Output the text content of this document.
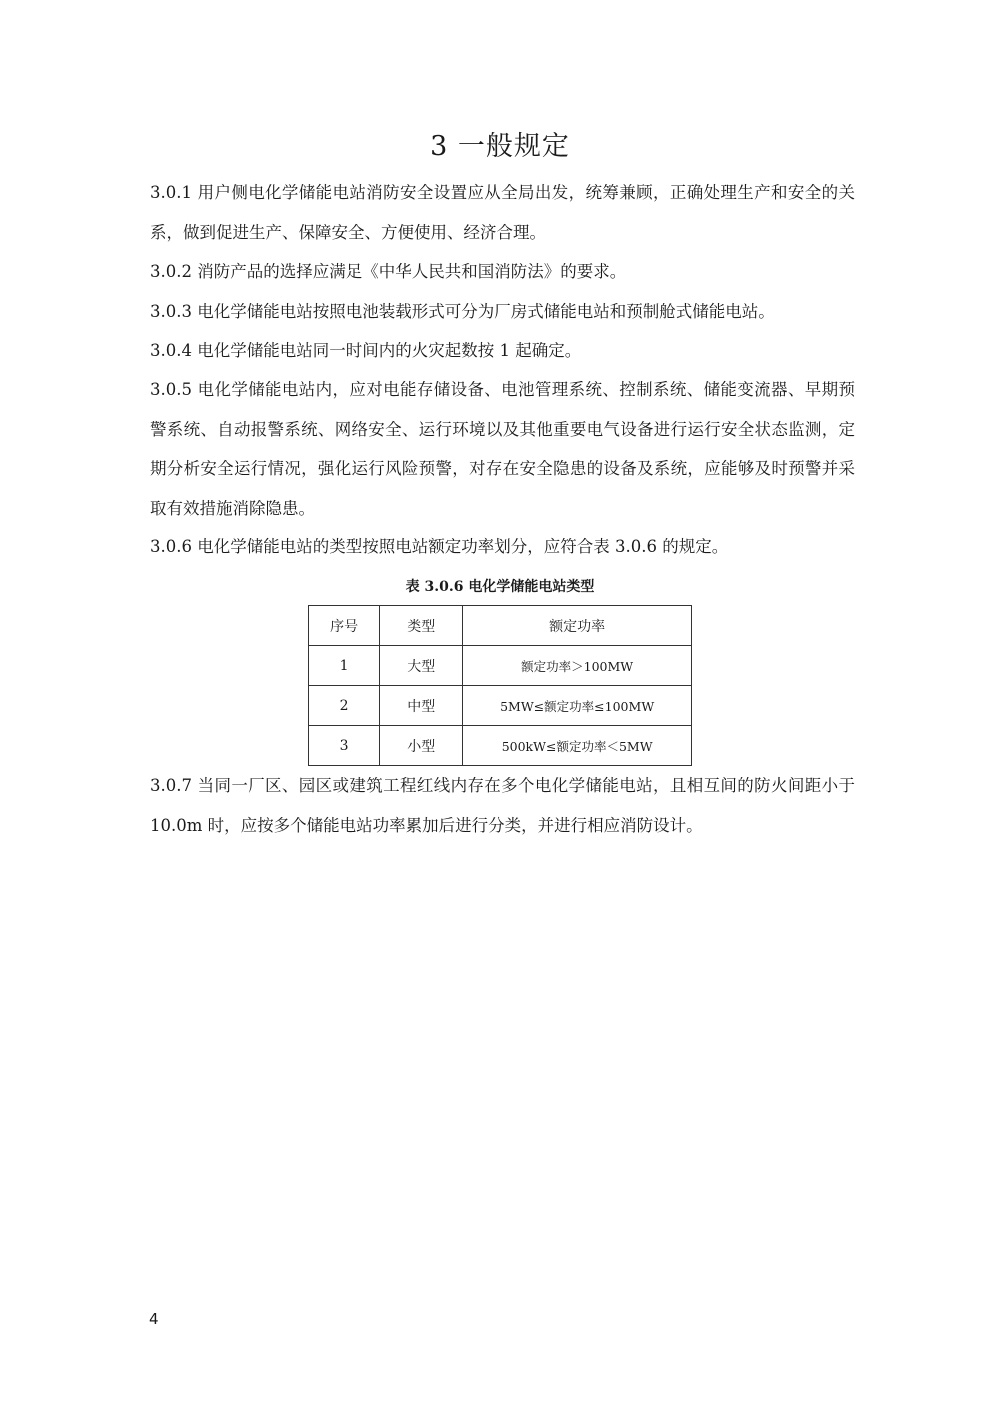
3 一般规定

3.0.1 用户侧电化学储能电站消防安全设置应从全局出发，统筹兼顾，正确处理生产和安全的关系，做到促进生产、保障安全、方便使用、经济合理。

3.0.2 消防产品的选择应满足《中华人民共和国消防法》的要求。

3.0.3 电化学储能电站按照电池装载形式可分为厂房式储能电站和预制舱式储能电站。

3.0.4 电化学储能电站同一时间内的火灾起数按 1 起确定。

3.0.5 电化学储能电站内，应对电能存储设备、电池管理系统、控制系统、储能变流器、早期预警系统、自动报警系统、网络安全、运行环境以及其他重要电气设备进行运行安全状态监测，定期分析安全运行情况，强化运行风险预警，对存在安全隐患的设备及系统，应能够及时预警并采取有效措施消除隐患。

3.0.6 电化学储能电站的类型按照电站额定功率划分，应符合表 3.0.6 的规定。

表 3.0.6 电化学储能电站类型
序号	类型	额定功率
1	大型	额定功率＞100MW
2	中型	5MW≤额定功率≤100MW
3	小型	500kW≤额定功率＜5MW

3.0.7 当同一厂区、园区或建筑工程红线内存在多个电化学储能电站，且相互间的防火间距小于 10.0m 时，应按多个储能电站功率累加后进行分类，并进行相应消防设计。

4
